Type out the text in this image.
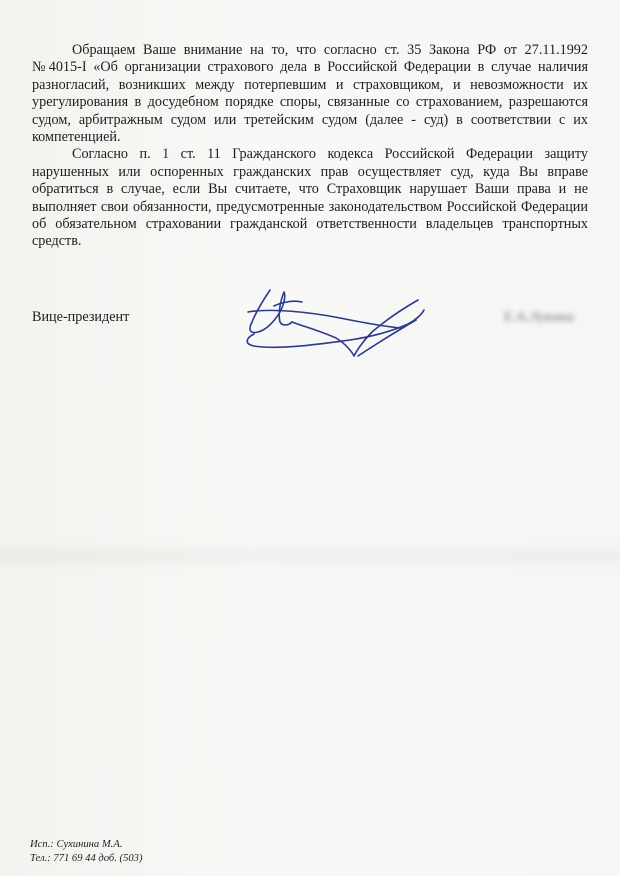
Обращаем Ваше внимание на то, что согласно ст. 35 Закона РФ от 27.11.1992 №4015-I «Об организации страхового дела в Российской Федерации в случае наличия разногласий, возникших между потерпевшим и страховщиком, и невозможности их урегулирования в досудебном порядке споры, связанные со страхованием, разрешаются судом, арбитражным судом или третейским судом (далее - суд) в соответствии с их компетенцией.

Согласно п. 1 ст. 11 Гражданского кодекса Российской Федерации защиту нарушенных или оспоренных гражданских прав осуществляет суд, куда Вы вправе обратиться в случае, если Вы считаете, что Страховщик нарушает Ваши права и не выполняет свои обязанности, предусмотренные законодательством Российской Федерации об обязательном страховании гражданской ответственности владельцев транспортных средств.

Вице-президент	Е.А.Лукина
Исп.: Сухинина М.А.
Тел.: 771 69 44 доб. (503)
